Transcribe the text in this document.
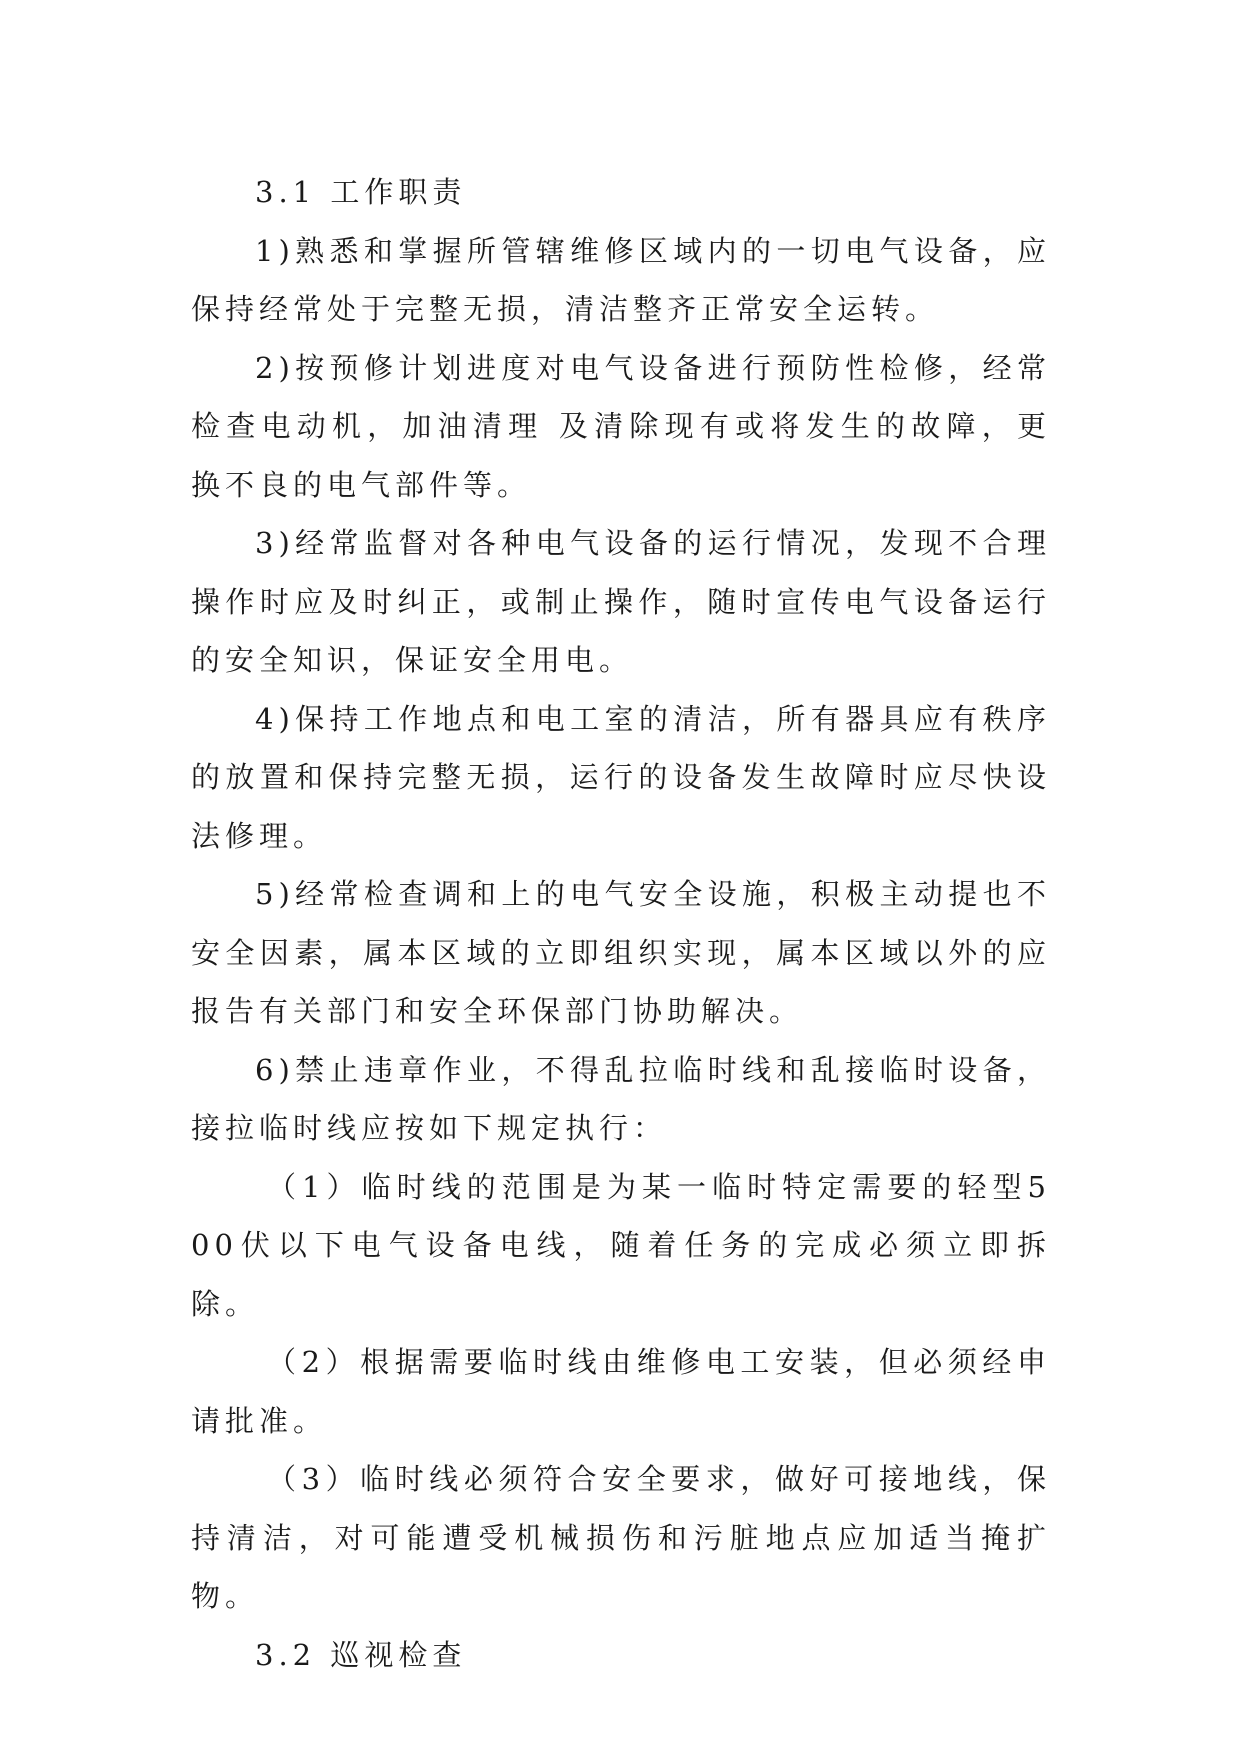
3.1 工作职责

1)熟悉和掌握所管辖维修区域内的一切电气设备，应保持经常处于完整无损，清洁整齐正常安全运转。

2)按预修计划进度对电气设备进行预防性检修，经常检查电动机，加油清理 及清除现有或将发生的故障，更换不良的电气部件等。

3)经常监督对各种电气设备的运行情况，发现不合理操作时应及时纠正，或制止操作，随时宣传电气设备运行的安全知识，保证安全用电。

4)保持工作地点和电工室的清洁，所有器具应有秩序的放置和保持完整无损，运行的设备发生故障时应尽快设法修理。

5)经常检查调和上的电气安全设施，积极主动提也不安全因素，属本区域的立即组织实现，属本区域以外的应报告有关部门和安全环保部门协助解决。

6)禁止违章作业，不得乱拉临时线和乱接临时设备，接拉临时线应按如下规定执行：

（1）临时线的范围是为某一临时特定需要的轻型500伏以下电气设备电线，随着任务的完成必须立即拆除。

（2）根据需要临时线由维修电工安装，但必须经申请批准。

（3）临时线必须符合安全要求，做好可接地线，保持清洁，对可能遭受机械损伤和污脏地点应加适当掩扩物。

3.2 巡视检查
